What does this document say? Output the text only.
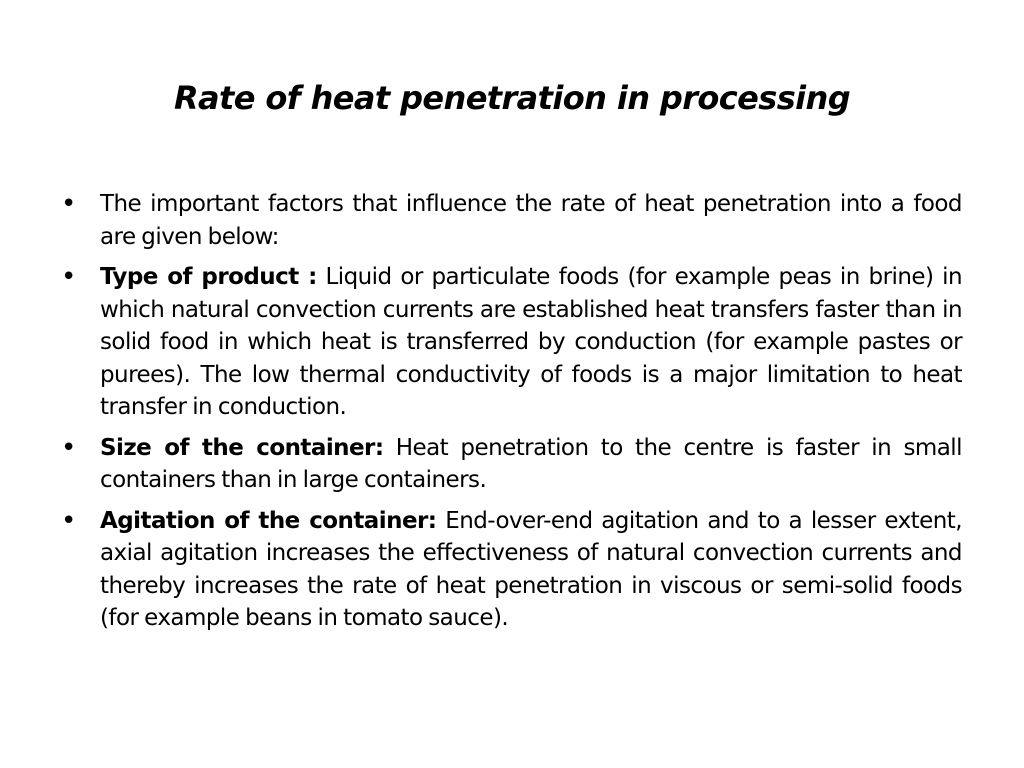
Rate of heat penetration in processing
• The important factors that influence the rate of heat penetration into a food are given below:
• Type of product : Liquid or particulate foods (for example peas in brine) in which natural convection currents are established heat transfers faster than in solid food in which heat is transferred by conduction (for example pastes or purees). The low thermal conductivity of foods is a major limitation to heat transfer in conduction.
• Size of the container: Heat penetration to the centre is faster in small containers than in large containers.
• Agitation of the container: End-over-end agitation and to a lesser extent, axial agitation increases the effectiveness of natural convection currents and thereby increases the rate of heat penetration in viscous or semi-solid foods (for example beans in tomato sauce).
